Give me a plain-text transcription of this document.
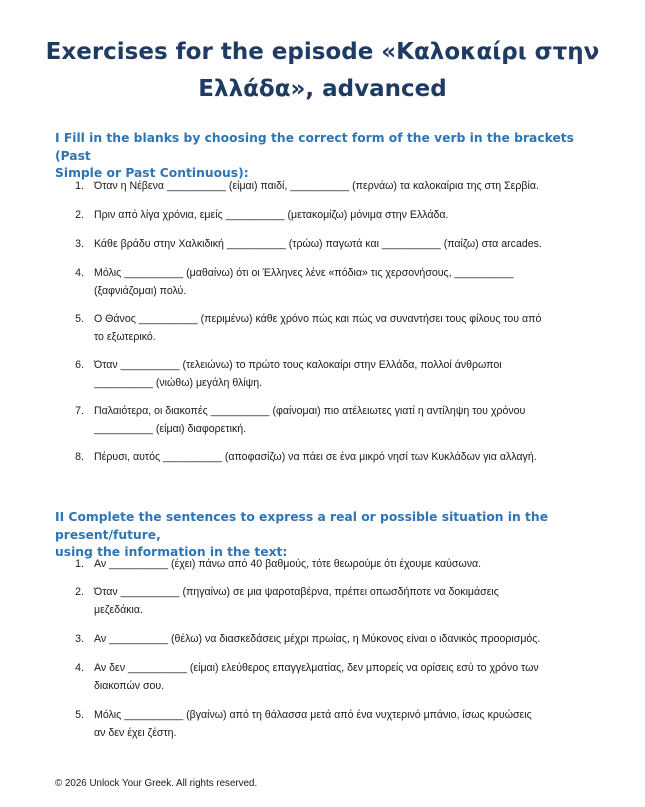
Exercises for the episode «Καλοκαίρι στην
Ελλάδα», advanced
I Fill in the blanks by choosing the correct form of the verb in the brackets (Past
Simple or Past Continuous):
1. Όταν η Νέβενα __________ (είμαι) παιδί, __________ (περνάω) τα καλοκαίρια της στη Σερβία.
2. Πριν από λίγα χρόνια, εμείς __________ (μετακομίζω) μόνιμα στην Ελλάδα.
3. Κάθε βράδυ στην Χαλκιδική __________ (τρώω) παγωτά και __________ (παίζω) στα arcades.
4. Μόλις __________ (μαθαίνω) ότι οι Έλληνες λένε «πόδια» τις χερσονήσους, __________
(ξαφνιάζομαι) πολύ.
5. Ο Θάνος __________ (περιμένω) κάθε χρόνο πώς και πώς να συναντήσει τους φίλους του από
το εξωτερικό.
6. Όταν __________ (τελειώνω) το πρώτο τους καλοκαίρι στην Ελλάδα, πολλοί άνθρωποι
__________ (νιώθω) μεγάλη θλίψη.
7. Παλαιότερα, οι διακοπές __________ (φαίνομαι) πιο ατέλειωτες γιατί η αντίληψη του χρόνου
__________ (είμαι) διαφορετική.
8. Πέρυσι, αυτός __________ (αποφασίζω) να πάει σε ένα μικρό νησί των Κυκλάδων για αλλαγή.
II Complete the sentences to express a real or possible situation in the present/future,
using the information in the text:
1. Αν __________ (έχει) πάνω από 40 βαθμούς, τότε θεωρούμε ότι έχουμε καύσωνα.
2. Όταν __________ (πηγαίνω) σε μια ψαροταβέρνα, πρέπει οπωσδήποτε να δοκιμάσεις
μεζεδάκια.
3. Αν __________ (θέλω) να διασκεδάσεις μέχρι πρωίας, η Μύκονος είναι ο ιδανικός προορισμός.
4. Αν δεν __________ (είμαι) ελεύθερος επαγγελματίας, δεν μπορείς να ορίσεις εσύ το χρόνο των
διακοπών σου.
5. Μόλις __________ (βγαίνω) από τη θάλασσα μετά από ένα νυχτερινό μπάνιο, ίσως κρυώσεις
αν δεν έχει ζέστη.
© 2026 Unlock Your Greek. All rights reserved.
